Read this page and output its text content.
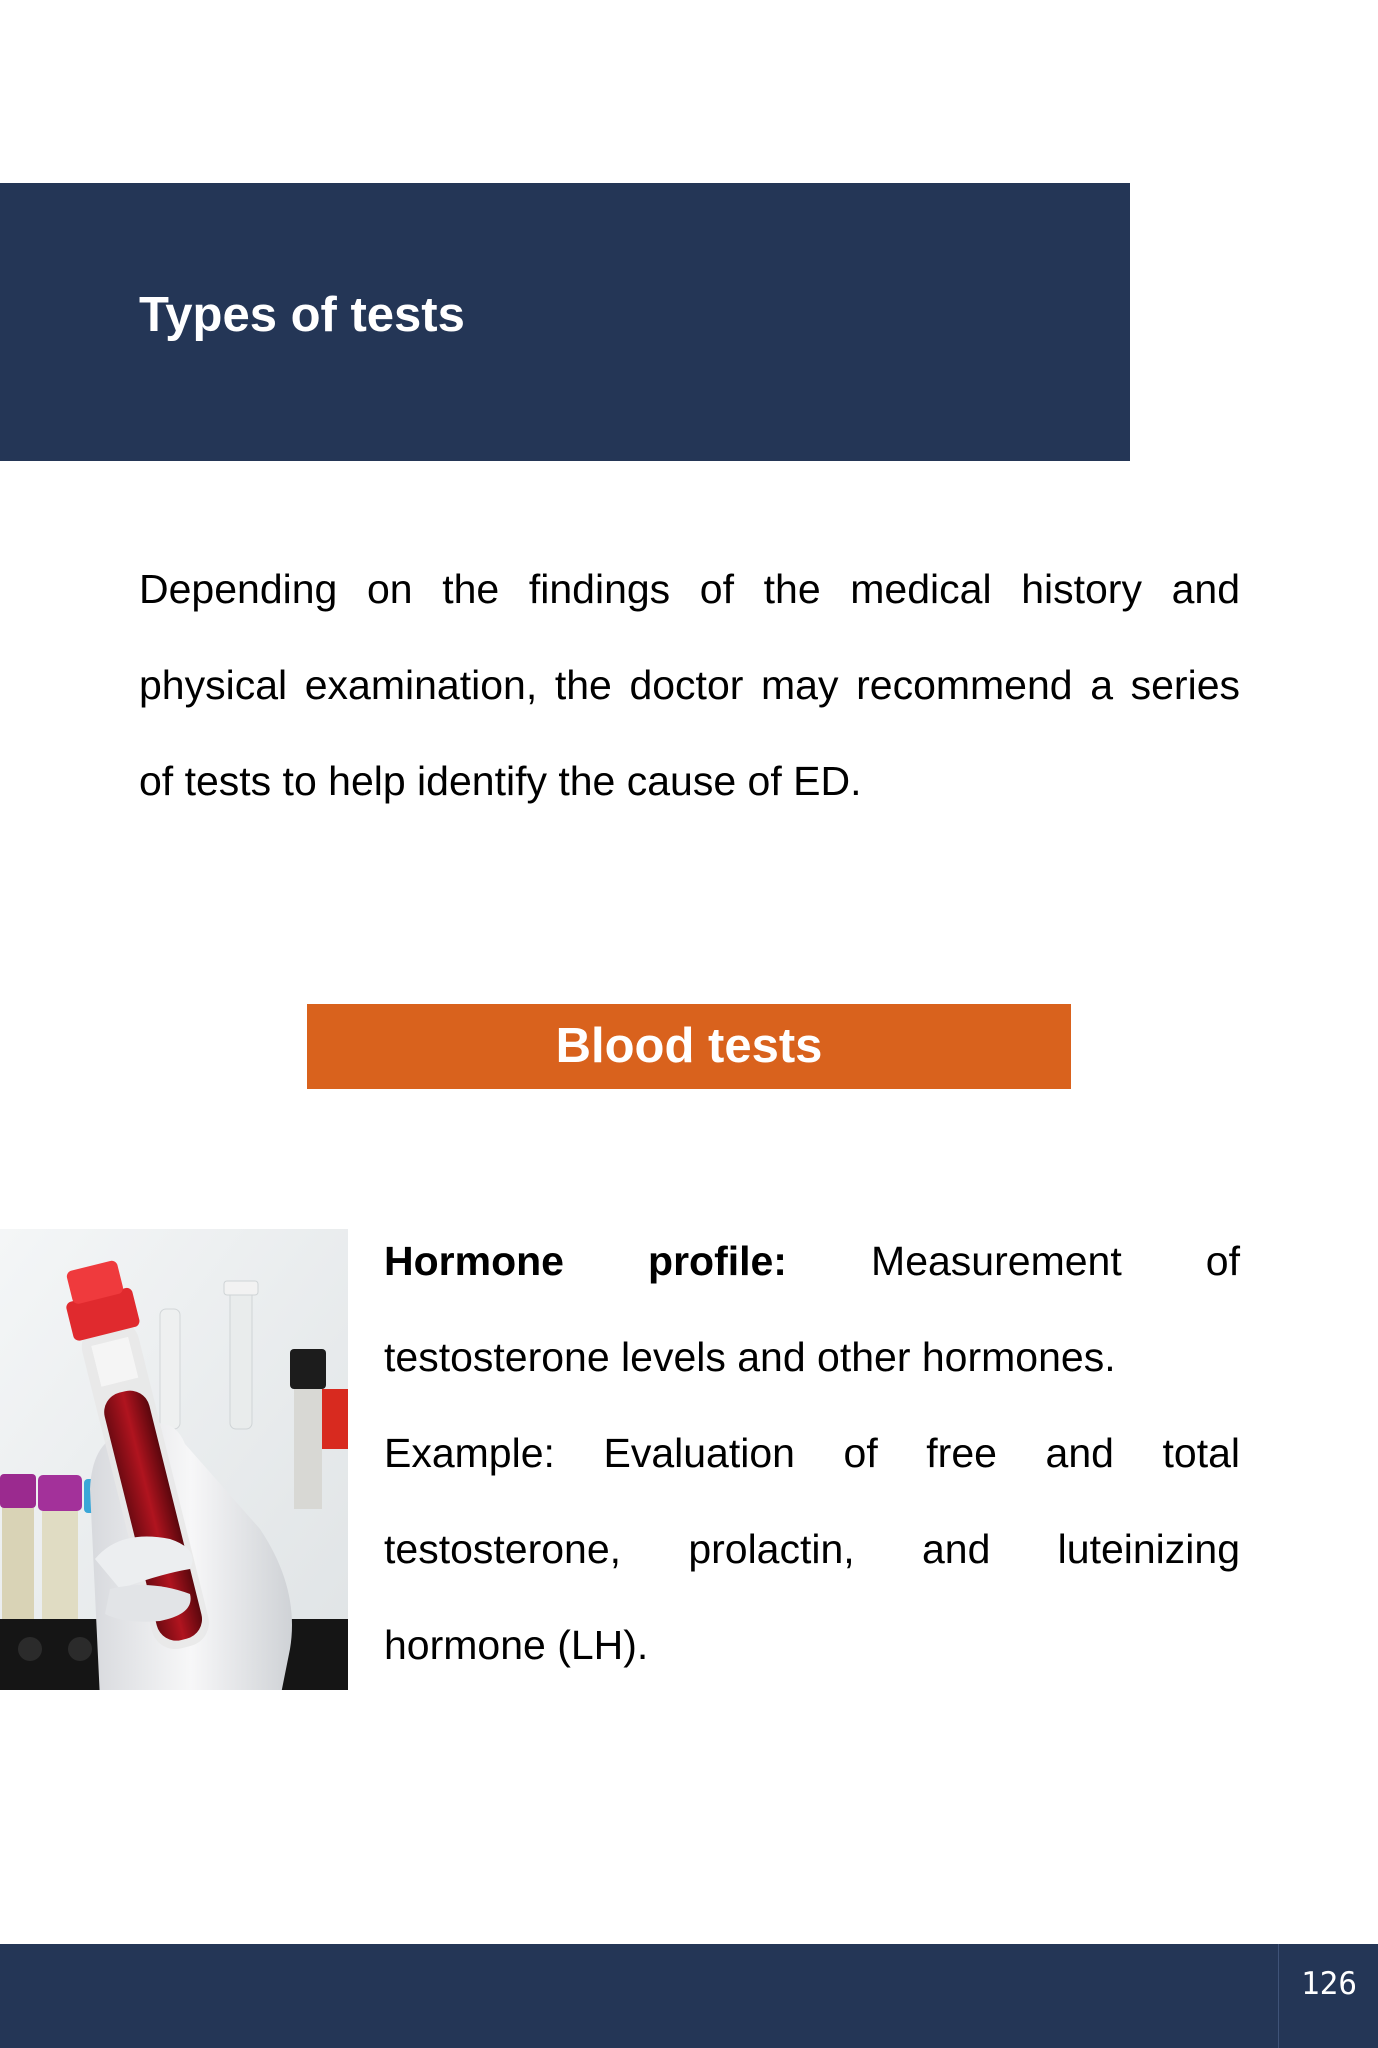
Types of tests

Depending on the findings of the medical history and physical examination, the doctor may recommend a series of tests to help identify the cause of ED.

Blood tests

Hormone profile: Measurement of testosterone levels and other hormones.

Example: Evaluation of free and total testosterone, prolactin, and luteinizing hormone (LH).

126
